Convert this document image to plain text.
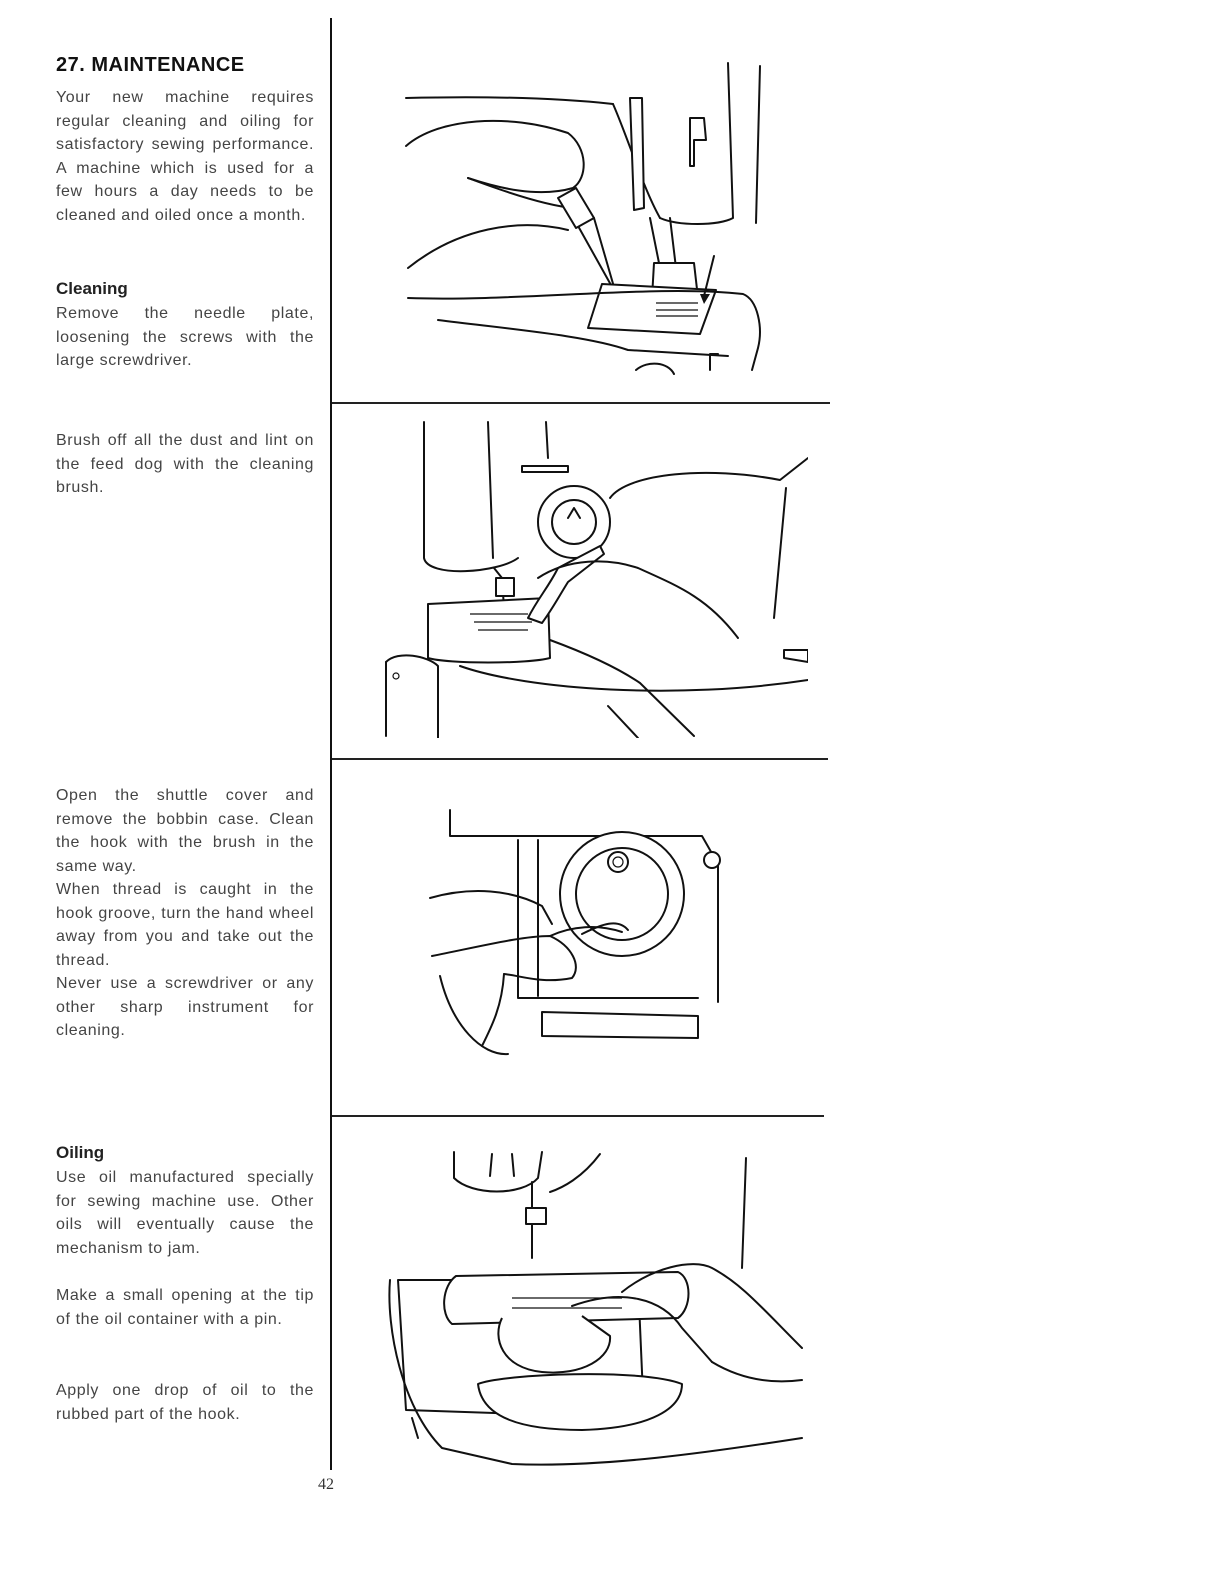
27. MAINTENANCE
Your new machine requires regular cleaning and oiling for satisfactory sewing performance. A machine which is used for a few hours a day needs to be cleaned and oiled once a month.
Cleaning
Remove the needle plate, loosening the screws with the large screwdriver.
Brush off all the dust and lint on the feed dog with the cleaning brush.
Open the shuttle cover and remove the bobbin case. Clean the hook with the brush in the same way.
When thread is caught in the hook groove, turn the hand wheel away from you and take out the thread.
Never use a screwdriver or any other sharp instrument for cleaning.
Oiling
Use oil manufactured specially for sewing machine use. Other oils will eventually cause the mechanism to jam.
Make a small opening at the tip of the oil container with a pin.
Apply one drop of oil to the rubbed part of the hook.
42
